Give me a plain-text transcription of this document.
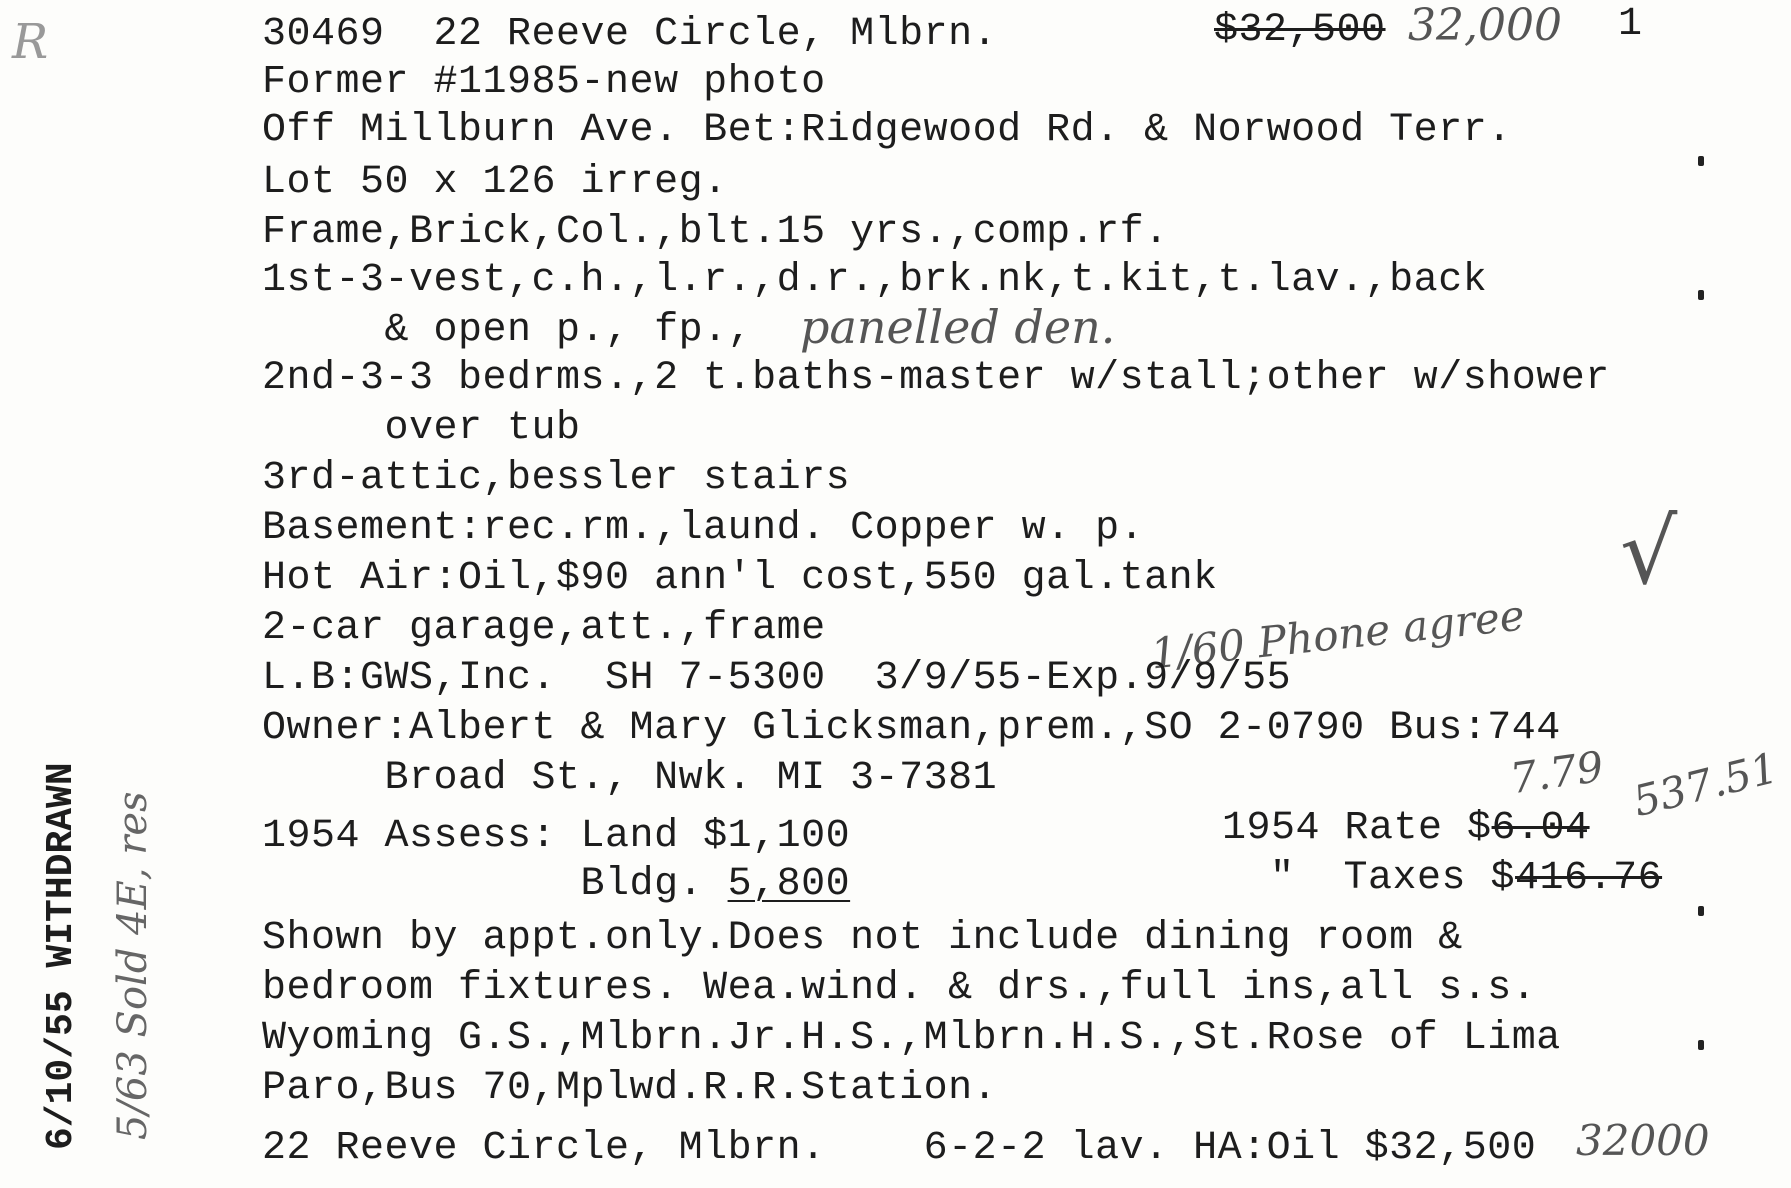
R	30469  22 Reeve Circle, Mlbrn.	$32,500 32,000 1
Former #11985-new photo
Off Millburn Ave. Bet:Ridgewood Rd. & Norwood Terr.
Lot 50 x 126 irreg.
Frame,Brick,Col.,blt.15 yrs.,comp.rf.
1st-3-vest,c.h.,l.r.,d.r.,brk.nk,t.kit,t.lav.,back
& open p., fp., panelled den.
2nd-3-3 bedrms.,2 t.baths-master w/stall;other w/shower
over tub
3rd-attic,bessler stairs
Basement:rec.rm.,laund. Copper w. p.
Hot Air:Oil,$90 ann'l cost,550 gal.tank	√
2-car garage,att.,frame	1/60 Phone agree
L.B:GWS,Inc.  SH 7-5300  3/9/55-Exp.9/9/55
Owner:Albert & Mary Glicksman,prem.,SO 2-0790 Bus:744
Broad St., Nwk. MI 3-7381	7.79 537.51
1954 Assess: Land $1,100	1954 Rate $6.04
Bldg. 5,800	"  Taxes $416.76
Shown by appt.only.Does not include dining room &
bedroom fixtures. Wea.wind. & drs.,full ins,all s.s.
Wyoming G.S.,Mlbrn.Jr.H.S.,Mlbrn.H.S.,St.Rose of Lima
Paro,Bus 70,Mplwd.R.R.Station.
22 Reeve Circle, Mlbrn.    6-2-2 lav. HA:Oil $32,500 32000
6/10/55 WITHDRAWN 5/63 Sold 4E, res
